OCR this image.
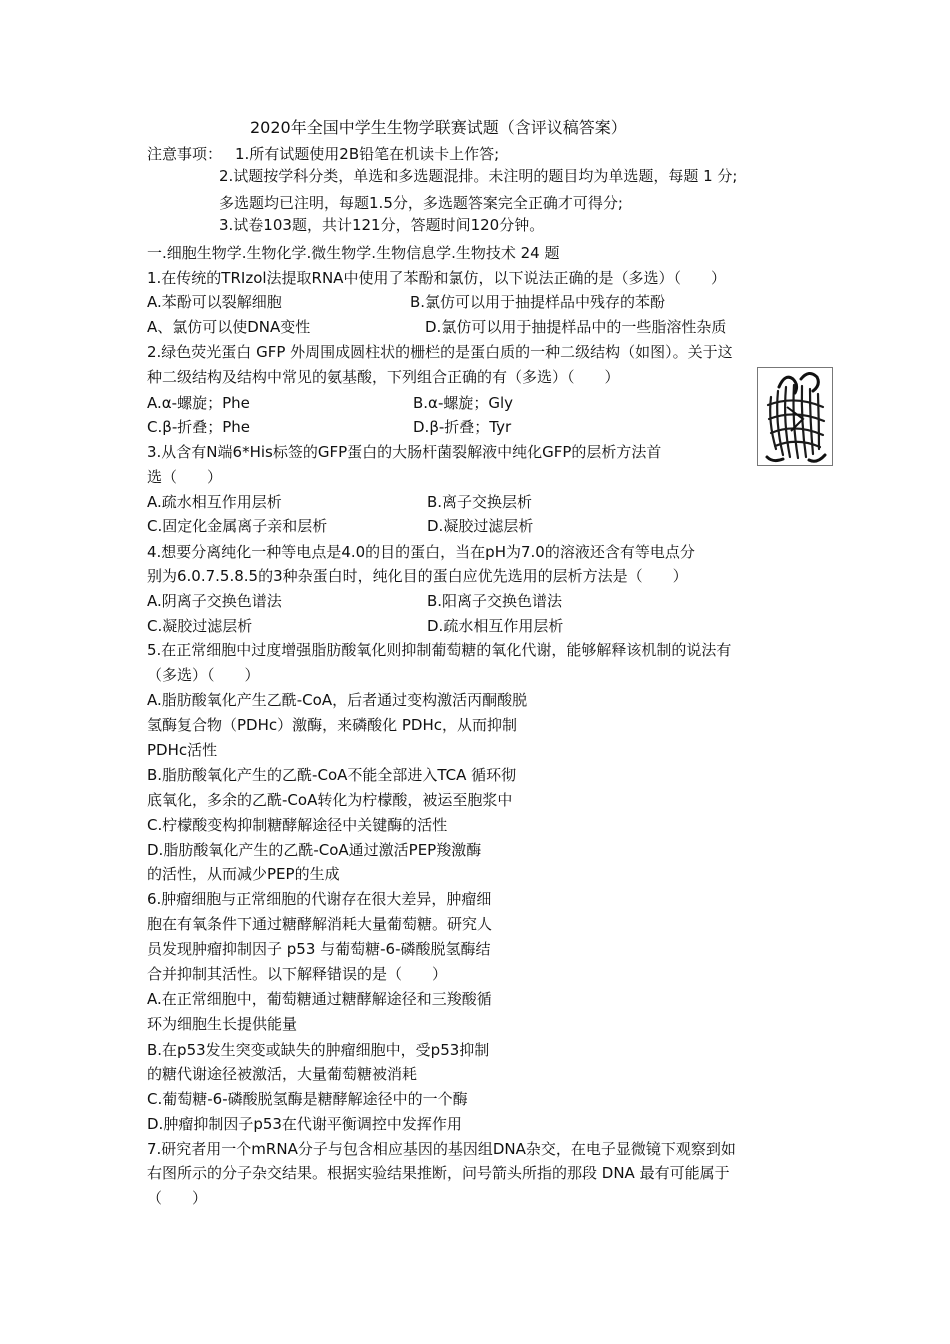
2020年全国中学生生物学联赛试题（含评议稿答案）
注意事项： 1.所有试题使用2B铅笔在机读卡上作答;
2.试题按学科分类，单选和多选题混排。未注明的题目均为单选题，每题 1 分;
多选题均已注明，每题1.5分，多选题答案完全正确才可得分;
3.试卷103题，共计121分，答题时间120分钟。
一.细胞生物学.生物化学.微生物学.生物信息学.生物技术 24 题
1.在传统的TRIzol法提取RNA中使用了苯酚和氯仿，以下说法正确的是（多选）（　　）
A.苯酚可以裂解细胞	B.氯仿可以用于抽提样品中残存的苯酚
A、氯仿可以使DNA变性	D.氯仿可以用于抽提样品中的一些脂溶性杂质
2.绿色荧光蛋白 GFP 外周围成圆柱状的栅栏的是蛋白质的一种二级结构（如图）。关于这
种二级结构及结构中常见的氨基酸，下列组合正确的有（多选）（　　）
A.α-螺旋；Phe	B.α-螺旋；Gly
C.β-折叠；Phe	D.β-折叠；Tyr
3.从含有N端6*His标签的GFP蛋白的大肠杆菌裂解液中纯化GFP的层析方法首
选（　　）
A.疏水相互作用层析	B.离子交换层析
C.固定化金属离子亲和层析	D.凝胶过滤层析
4.想要分离纯化一种等电点是4.0的目的蛋白，当在pH为7.0的溶液还含有等电点分
别为6.0.7.5.8.5的3种杂蛋白时，纯化目的蛋白应优先选用的层析方法是（　　）
A.阴离子交换色谱法	B.阳离子交换色谱法
C.凝胶过滤层析	D.疏水相互作用层析
5.在正常细胞中过度增强脂肪酸氧化则抑制葡萄糖的氧化代谢，能够解释该机制的说法有
（多选）（　　）
A.脂肪酸氧化产生乙酰-CoA，后者通过变构激活丙酮酸脱
氢酶复合物（PDHc）激酶，来磷酸化 PDHc，从而抑制
PDHc活性
B.脂肪酸氧化产生的乙酰-CoA不能全部进入TCA 循环彻
底氧化，多余的乙酰-CoA转化为柠檬酸，被运至胞浆中
C.柠檬酸变构抑制糖酵解途径中关键酶的活性
D.脂肪酸氧化产生的乙酰-CoA通过激活PEP羧激酶
的活性，从而减少PEP的生成
6.肿瘤细胞与正常细胞的代谢存在很大差异，肿瘤细
胞在有氧条件下通过糖酵解消耗大量葡萄糖。研究人
员发现肿瘤抑制因子 p53 与葡萄糖-6-磷酸脱氢酶结
合并抑制其活性。以下解释错误的是（　　）
A.在正常细胞中，葡萄糖通过糖酵解途径和三羧酸循
环为细胞生长提供能量
B.在p53发生突变或缺失的肿瘤细胞中，受p53抑制
的糖代谢途径被激活，大量葡萄糖被消耗
C.葡萄糖-6-磷酸脱氢酶是糖酵解途径中的一个酶
D.肿瘤抑制因子p53在代谢平衡调控中发挥作用
7.研究者用一个mRNA分子与包含相应基因的基因组DNA杂交，在电子显微镜下观察到如
右图所示的分子杂交结果。根据实验结果推断，问号箭头所指的那段 DNA 最有可能属于
（　　）
